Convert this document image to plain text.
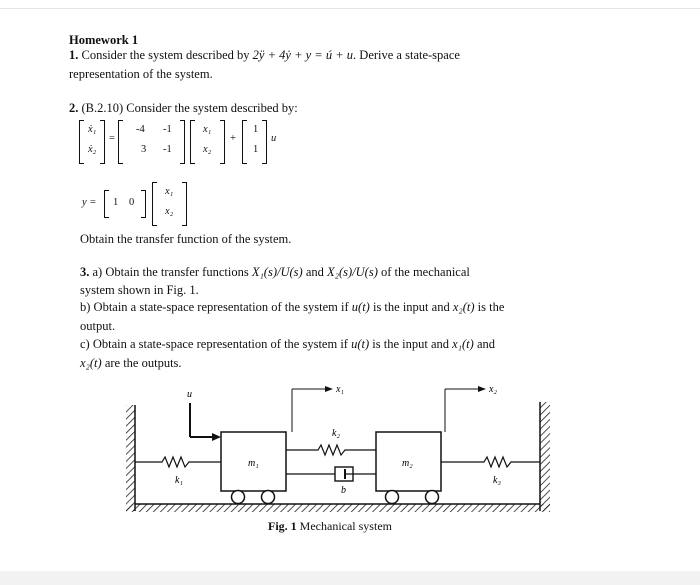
Homework 1
1. Consider the system described by 2ÿ + 4ẏ + y = ú + u. Derive a state-space
representation of the system.
2. (B.2.10) Consider the system described by:
ẋ₁
ẋ₂
=
-4 -1
3 -1
x₁
x₂
+
1
1
u
y = 1 0
x₁
x₂
Obtain the transfer function of the system.
3. a) Obtain the transfer functions X₁(s)/U(s) and X₂(s)/U(s) of the mechanical
system shown in Fig. 1.
b) Obtain a state-space representation of the system if u(t) is the input and x₂(t) is the
output.
c) Obtain a state-space representation of the system if u(t) is the input and x₁(t) and
x₂(t) are the outputs.
u
m₁
x₁
k₁
m₂
x₂
k₂
b
k₃
Fig. 1 Mechanical system
